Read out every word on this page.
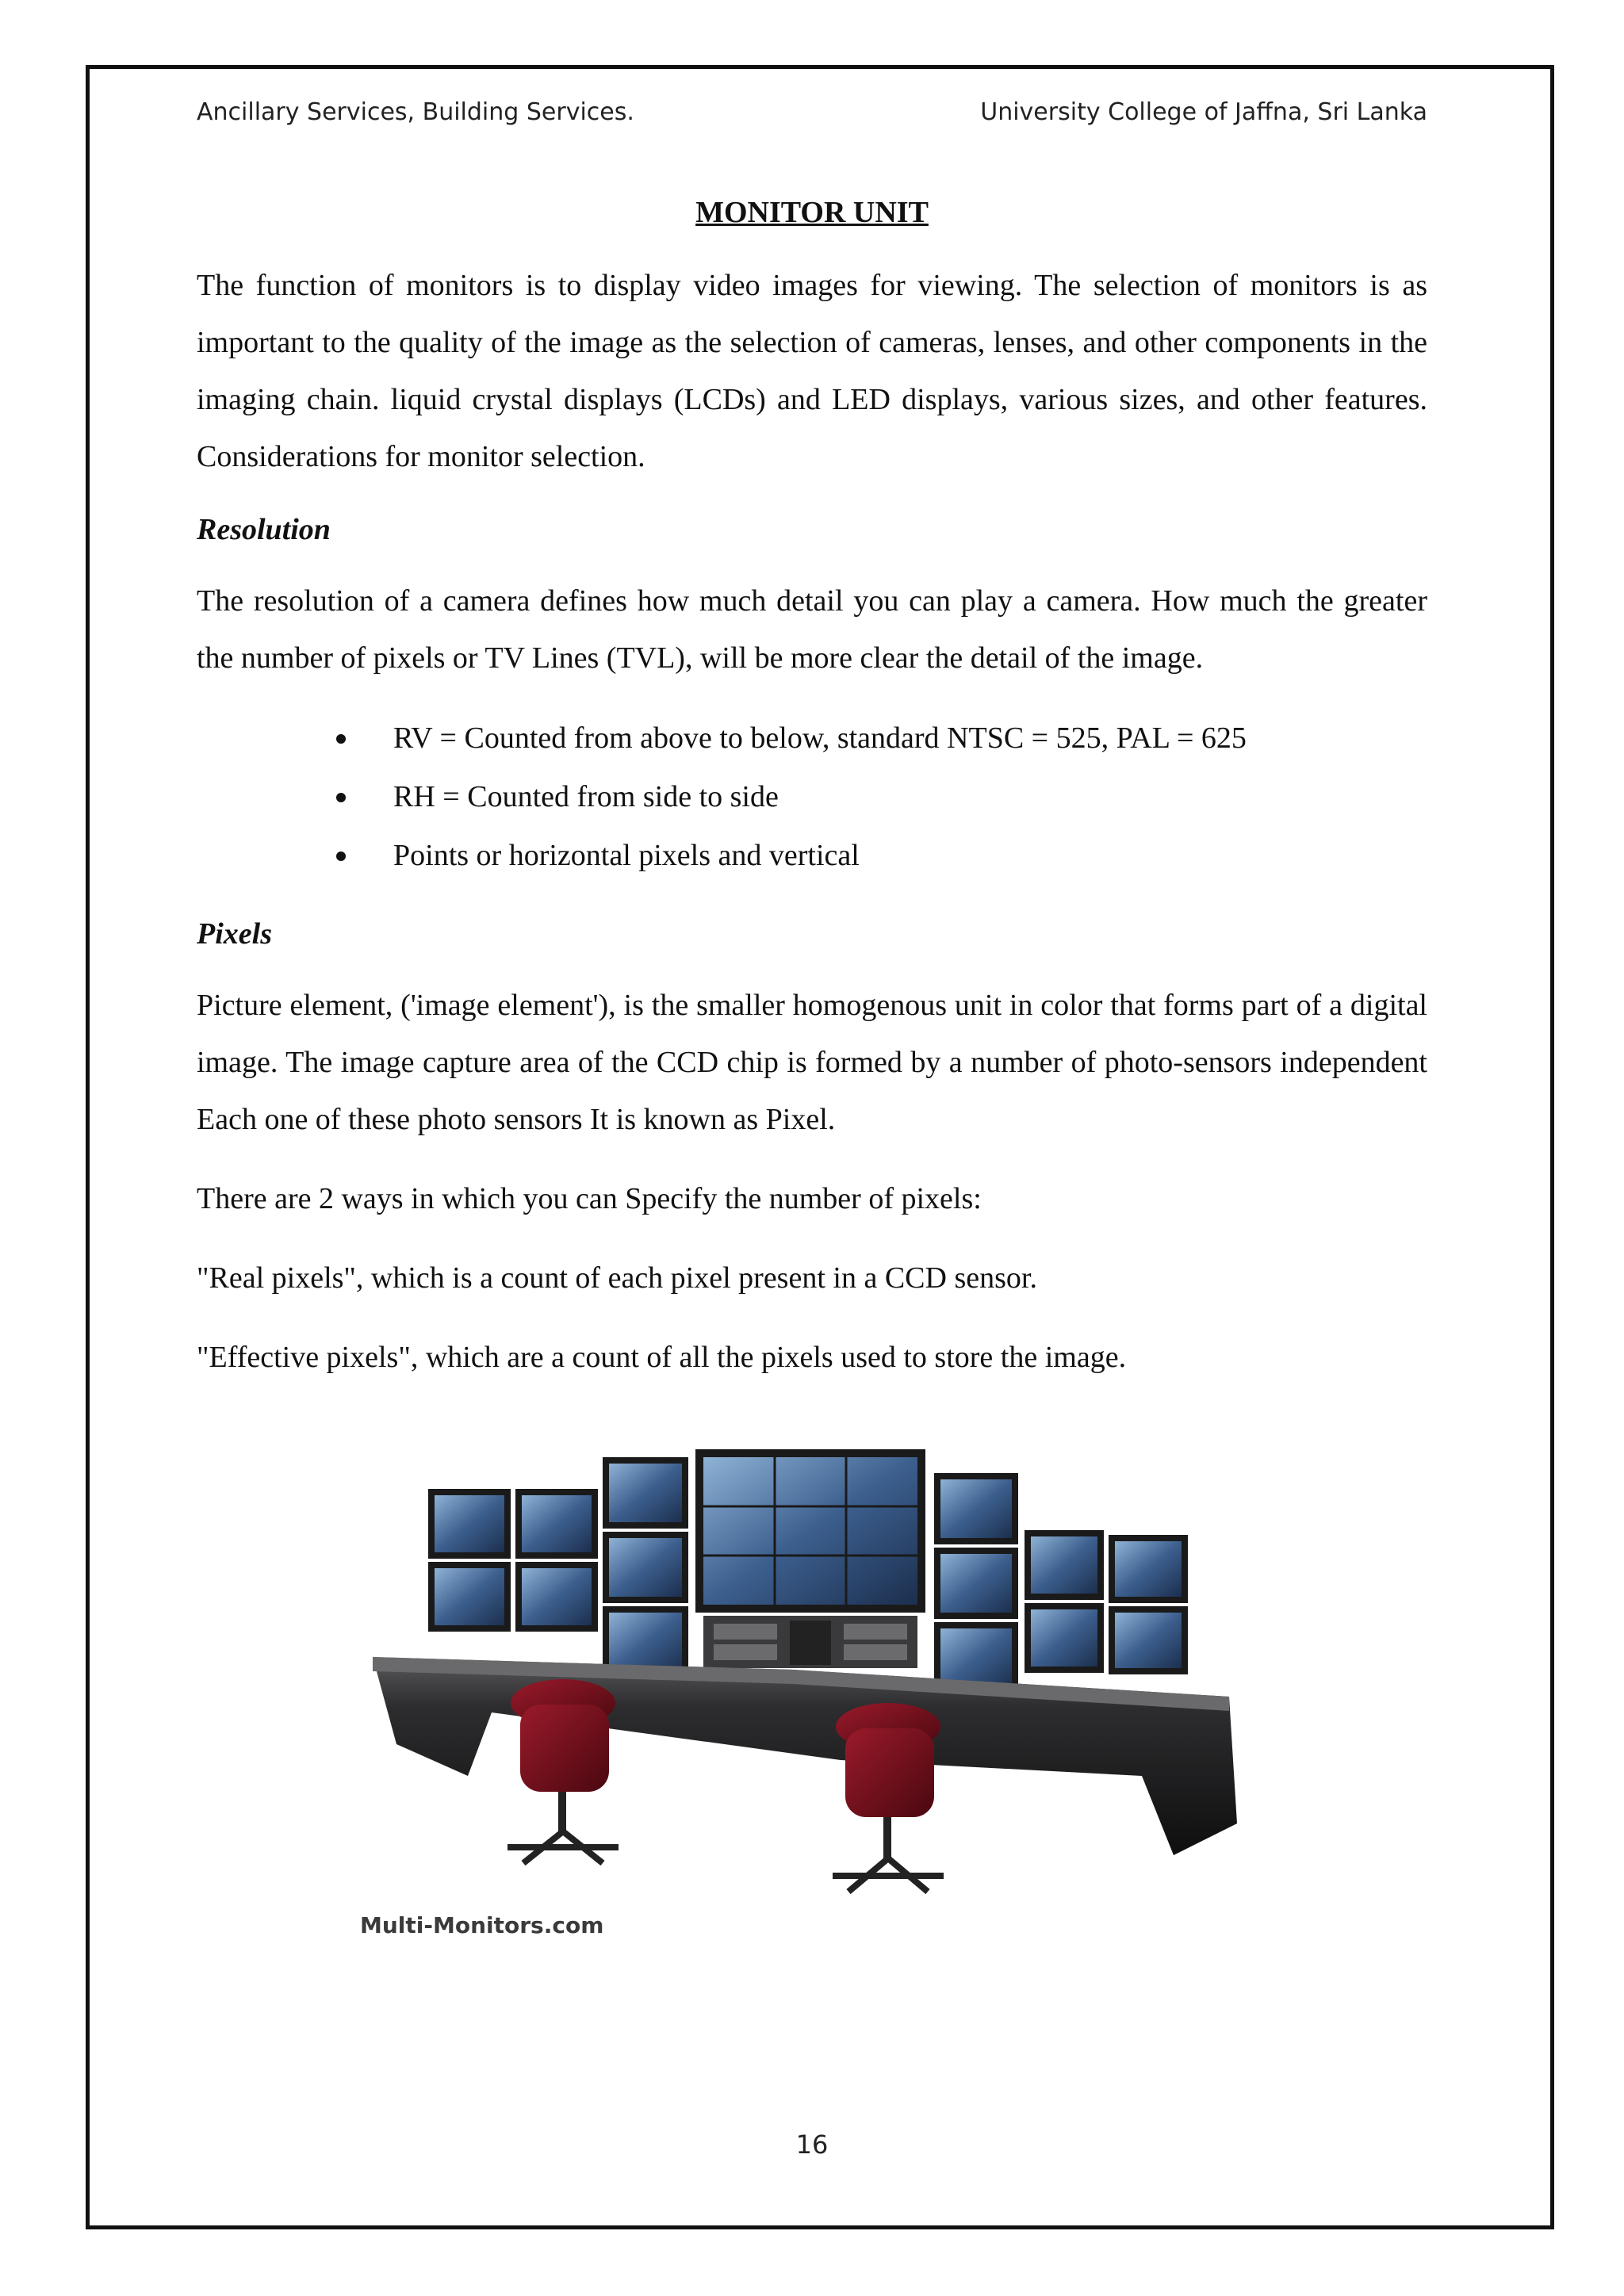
Ancillary Services, Building Services.	University College of Jaffna, Sri Lanka
MONITOR UNIT

The function of monitors is to display video images for viewing. The selection of monitors is as important to the quality of the image as the selection of cameras, lenses, and other components in the imaging chain. liquid crystal displays (LCDs) and LED displays, various sizes, and other features. Considerations for monitor selection.

Resolution

The resolution of a camera defines how much detail you can play a camera. How much the greater the number of pixels or TV Lines (TVL), will be more clear the detail of the image.

RV = Counted from above to below, standard NTSC = 525, PAL = 625
RH = Counted from side to side
Points or horizontal pixels and vertical
Pixels

Picture element, ('image element'), is the smaller homogenous unit in color that forms part of a digital image. The image capture area of the CCD chip is formed by a number of photo-sensors independent Each one of these photo sensors It is known as Pixel.

There are 2 ways in which you can Specify the number of pixels:

"Real pixels", which is a count of each pixel present in a CCD sensor.

"Effective pixels", which are a count of all the pixels used to store the image.

Multi-Monitors.com
16
